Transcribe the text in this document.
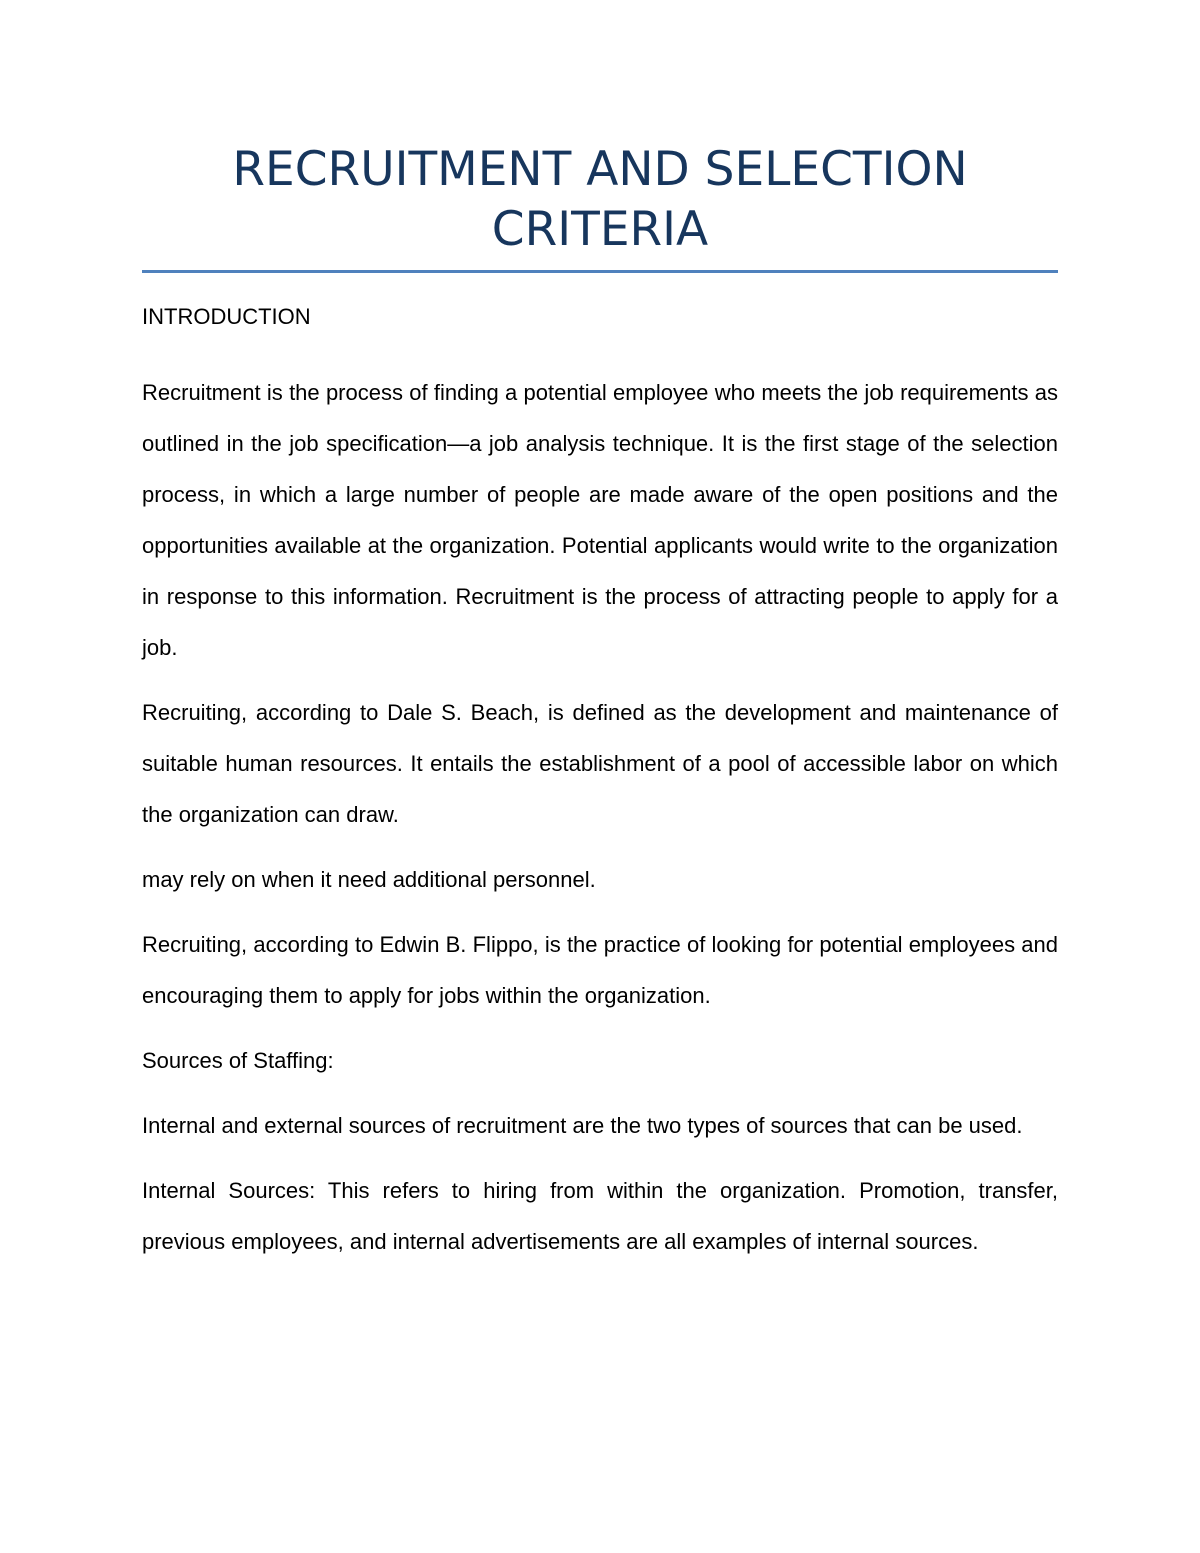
RECRUITMENT AND SELECTION CRITERIA

INTRODUCTION

Recruitment is the process of finding a potential employee who meets the job requirements as outlined in the job specification—a job analysis technique. It is the first stage of the selection process, in which a large number of people are made aware of the open positions and the opportunities available at the organization. Potential applicants would write to the organization in response to this information. Recruitment is the process of attracting people to apply for a job.

Recruiting, according to Dale S. Beach, is defined as the development and maintenance of suitable human resources. It entails the establishment of a pool of accessible labor on which the organization can draw.

may rely on when it need additional personnel.

Recruiting, according to Edwin B. Flippo, is the practice of looking for potential employees and encouraging them to apply for jobs within the organization.

Sources of Staffing:

Internal and external sources of recruitment are the two types of sources that can be used.

Internal Sources: This refers to hiring from within the organization. Promotion, transfer, previous employees, and internal advertisements are all examples of internal sources.
